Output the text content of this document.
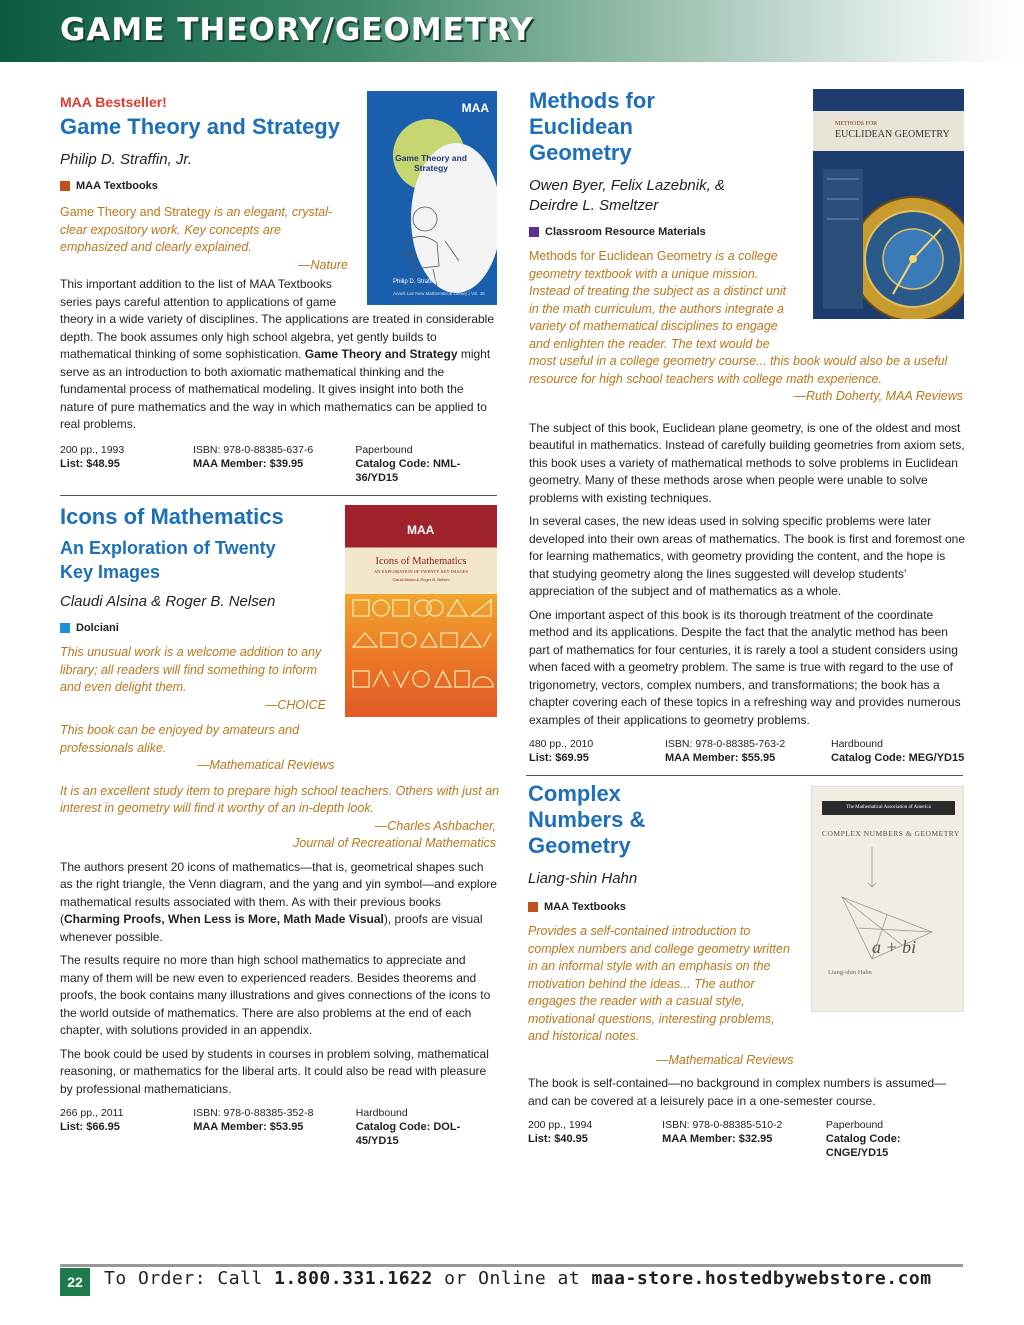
GAME THEORY/GEOMETRY
MAA Bestseller!
Game Theory and Strategy
Philip D. Straffin, Jr.
MAA Textbooks
Game Theory and Strategy is an elegant, crystal-clear expository work. Key concepts are emphasized and clearly explained.
—Nature
This important addition to the list of MAA Textbooks series pays careful attention to applications of game theory in a wide variety of disciplines. The applications are treated in considerable depth. The book assumes only high school algebra, yet gently builds to mathematical thinking of some sophistication. Game Theory and Strategy might serve as an introduction to both axiomatic mathematical thinking and the fundamental process of mathematical modeling. It gives insight into both the nature of pure mathematics and the way in which mathematics can be applied to real problems.
200 pp., 1993
List: $48.95
ISBN: 978-0-88385-637-6
MAA Member: $39.95
Paperbound
Catalog Code: NML-36/YD15
MAA
Game Theory and Strategy
Philip D. Straffin
Anneli Lax New Mathematical Library | Vol. 36
Icons of Mathematics
An Exploration of Twenty Key Images
Claudi Alsina & Roger B. Nelsen
Dolciani
This unusual work is a welcome addition to any library; all readers will find something to inform and even delight them.
—CHOICE
This book can be enjoyed by amateurs and professionals alike.
—Mathematical Reviews
It is an excellent study item to prepare high school teachers. Others with just an interest in geometry will find it worthy of an in-depth look.
—Charles Ashbacher,
Journal of Recreational Mathematics
The authors present 20 icons of mathematics—that is, geometrical shapes such as the right triangle, the Venn diagram, and the yang and yin symbol—and explore mathematical results associated with them. As with their previous books (Charming Proofs, When Less is More, Math Made Visual), proofs are visual whenever possible.
The results require no more than high school mathematics to appreciate and many of them will be new even to experienced readers. Besides theorems and proofs, the book contains many illustrations and gives connections of the icons to the world outside of mathematics. There are also problems at the end of each chapter, with solutions provided in an appendix.
The book could be used by students in courses in problem solving, mathematical reasoning, or mathematics for the liberal arts. It could also be read with pleasure by professional mathematicians.
266 pp., 2011
List: $66.95
ISBN: 978-0-88385-352-8
MAA Member: $53.95
Hardbound
Catalog Code: DOL-45/YD15
MAA
Icons of Mathematics
AN EXPLORATION OF TWENTY KEY IMAGES
Claudi Alsina & Roger B. Nelsen
Methods for Euclidean Geometry
Owen Byer, Felix Lazebnik, & Deirdre L. Smeltzer
Classroom Resource Materials
Methods for Euclidean Geometry is a college geometry textbook with a unique mission. Instead of treating the subject as a distinct unit in the math curriculum, the authors integrate a variety of mathematical disciplines to engage and enlighten the reader. The text would be most useful in a college geometry course... this book would also be a useful resource for high school teachers with college math experience.
—Ruth Doherty, MAA Reviews
The subject of this book, Euclidean plane geometry, is one of the oldest and most beautiful in mathematics. Instead of carefully building geometries from axiom sets, this book uses a variety of mathematical methods to solve problems in Euclidean geometry. Many of these methods arose when people were unable to solve problems with existing techniques.
In several cases, the new ideas used in solving specific problems were later developed into their own areas of mathematics. The book is first and foremost one for learning mathematics, with geometry providing the content, and the hope is that studying geometry along the lines suggested will develop students’ appreciation of the subject and of mathematics as a whole.
One important aspect of this book is its thorough treatment of the coordinate method and its applications. Despite the fact that the analytic method has been part of mathematics for four centuries, it is rarely a tool a student considers using when faced with a geometry problem. The same is true with regard to the use of trigonometry, vectors, complex numbers, and transformations; the book has a chapter covering each of these topics in a refreshing way and provides numerous examples of their applications to geometry problems.
480 pp., 2010
List: $69.95
ISBN: 978-0-88385-763-2
MAA Member: $55.95
Hardbound
Catalog Code: MEG/YD15
METHODS FOR
EUCLIDEAN GEOMETRY
Complex Numbers & Geometry
Liang-shin Hahn
MAA Textbooks
Provides a self-contained introduction to complex numbers and college geometry written in an informal style with an emphasis on the motivation behind the ideas... The author engages the reader with a casual style, motivational questions, interesting problems, and historical notes.
—Mathematical Reviews
The book is self-contained—no background in complex numbers is assumed—and can be covered at a leisurely pace in a one-semester course.
200 pp., 1994
List: $40.95
ISBN: 978-0-88385-510-2
MAA Member: $32.95
Paperbound
Catalog Code: CNGE/YD15
The Mathematical Association of America
COMPLEX NUMBERS & GEOMETRY
a + bi
Liang-shin Hahn
22	To Order: Call 1.800.331.1622 or Online at maa-store.hostedbywebstore.com
